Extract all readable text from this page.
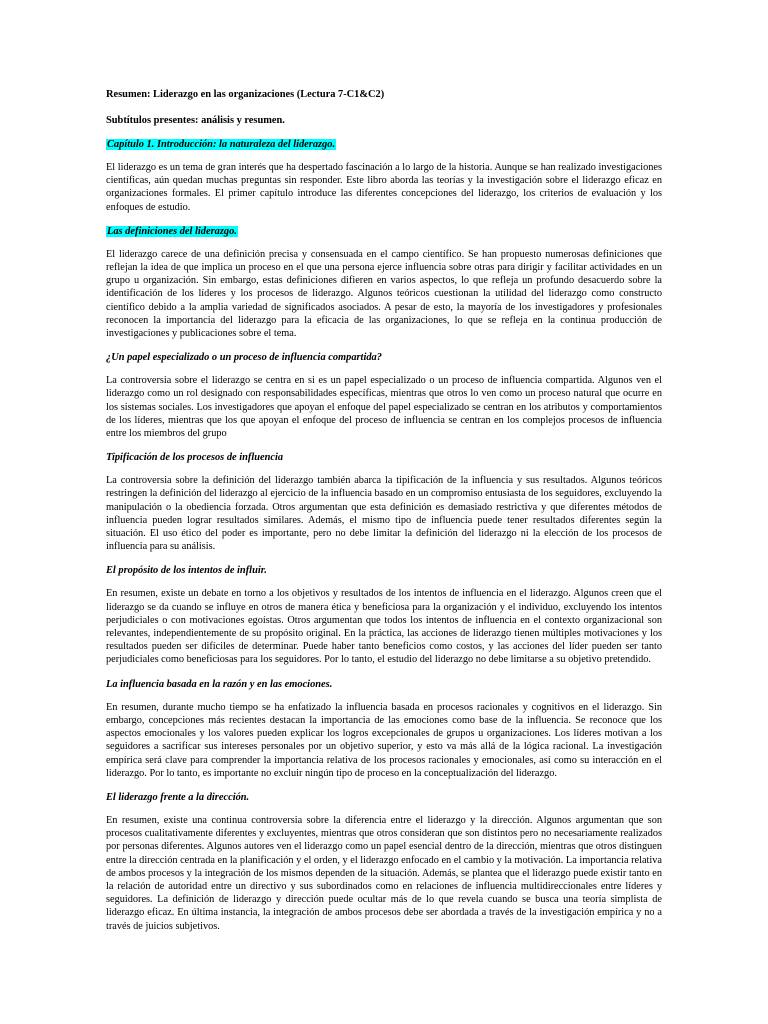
Resumen: Liderazgo en las organizaciones (Lectura 7-C1&C2)

Subtítulos presentes: análisis y resumen.

Capítulo 1. Introducción: la naturaleza del liderazgo.

El liderazgo es un tema de gran interés que ha despertado fascinación a lo largo de la historia. Aunque se han realizado investigaciones científicas, aún quedan muchas preguntas sin responder. Este libro aborda las teorías y la investigación sobre el liderazgo eficaz en organizaciones formales. El primer capítulo introduce las diferentes concepciones del liderazgo, los criterios de evaluación y los enfoques de estudio.

Las definiciones del liderazgo.

El liderazgo carece de una definición precisa y consensuada en el campo científico. Se han propuesto numerosas definiciones que reflejan la idea de que implica un proceso en el que una persona ejerce influencia sobre otras para dirigir y facilitar actividades en un grupo u organización. Sin embargo, estas definiciones difieren en varios aspectos, lo que refleja un profundo desacuerdo sobre la identificación de los líderes y los procesos de liderazgo. Algunos teóricos cuestionan la utilidad del liderazgo como constructo científico debido a la amplia variedad de significados asociados. A pesar de esto, la mayoría de los investigadores y profesionales reconocen la importancia del liderazgo para la eficacia de las organizaciones, lo que se refleja en la continua producción de investigaciones y publicaciones sobre el tema.

¿Un papel especializado o un proceso de influencia compartida?

La controversia sobre el liderazgo se centra en si es un papel especializado o un proceso de influencia compartida. Algunos ven el liderazgo como un rol designado con responsabilidades específicas, mientras que otros lo ven como un proceso natural que ocurre en los sistemas sociales. Los investigadores que apoyan el enfoque del papel especializado se centran en los atributos y comportamientos de los líderes, mientras que los que apoyan el enfoque del proceso de influencia se centran en los complejos procesos de influencia entre los miembros del grupo

Tipificación de los procesos de influencia

La controversia sobre la definición del liderazgo también abarca la tipificación de la influencia y sus resultados. Algunos teóricos restringen la definición del liderazgo al ejercicio de la influencia basado en un compromiso entusiasta de los seguidores, excluyendo la manipulación o la obediencia forzada. Otros argumentan que esta definición es demasiado restrictiva y que diferentes métodos de influencia pueden lograr resultados similares. Además, el mismo tipo de influencia puede tener resultados diferentes según la situación. El uso ético del poder es importante, pero no debe limitar la definición del liderazgo ni la elección de los procesos de influencia para su análisis.

El propósito de los intentos de influir.

En resumen, existe un debate en torno a los objetivos y resultados de los intentos de influencia en el liderazgo. Algunos creen que el liderazgo se da cuando se influye en otros de manera ética y beneficiosa para la organización y el individuo, excluyendo los intentos perjudiciales o con motivaciones egoístas. Otros argumentan que todos los intentos de influencia en el contexto organizacional son relevantes, independientemente de su propósito original. En la práctica, las acciones de liderazgo tienen múltiples motivaciones y los resultados pueden ser difíciles de determinar. Puede haber tanto beneficios como costos, y las acciones del líder pueden ser tanto perjudiciales como beneficiosas para los seguidores. Por lo tanto, el estudio del liderazgo no debe limitarse a su objetivo pretendido.

La influencia basada en la razón y en las emociones.

En resumen, durante mucho tiempo se ha enfatizado la influencia basada en procesos racionales y cognitivos en el liderazgo. Sin embargo, concepciones más recientes destacan la importancia de las emociones como base de la influencia. Se reconoce que los aspectos emocionales y los valores pueden explicar los logros excepcionales de grupos u organizaciones. Los líderes motivan a los seguidores a sacrificar sus intereses personales por un objetivo superior, y esto va más allá de la lógica racional. La investigación empírica será clave para comprender la importancia relativa de los procesos racionales y emocionales, así como su interacción en el liderazgo. Por lo tanto, es importante no excluir ningún tipo de proceso en la conceptualización del liderazgo.

El liderazgo frente a la dirección.

En resumen, existe una continua controversia sobre la diferencia entre el liderazgo y la dirección. Algunos argumentan que son procesos cualitativamente diferentes y excluyentes, mientras que otros consideran que son distintos pero no necesariamente realizados por personas diferentes. Algunos autores ven el liderazgo como un papel esencial dentro de la dirección, mientras que otros distinguen entre la dirección centrada en la planificación y el orden, y el liderazgo enfocado en el cambio y la motivación. La importancia relativa de ambos procesos y la integración de los mismos dependen de la situación. Además, se plantea que el liderazgo puede existir tanto en la relación de autoridad entre un directivo y sus subordinados como en relaciones de influencia multidireccionales entre líderes y seguidores. La definición de liderazgo y dirección puede ocultar más de lo que revela cuando se busca una teoría simplista de liderazgo eficaz. En última instancia, la integración de ambos procesos debe ser abordada a través de la investigación empírica y no a través de juicios subjetivos.
